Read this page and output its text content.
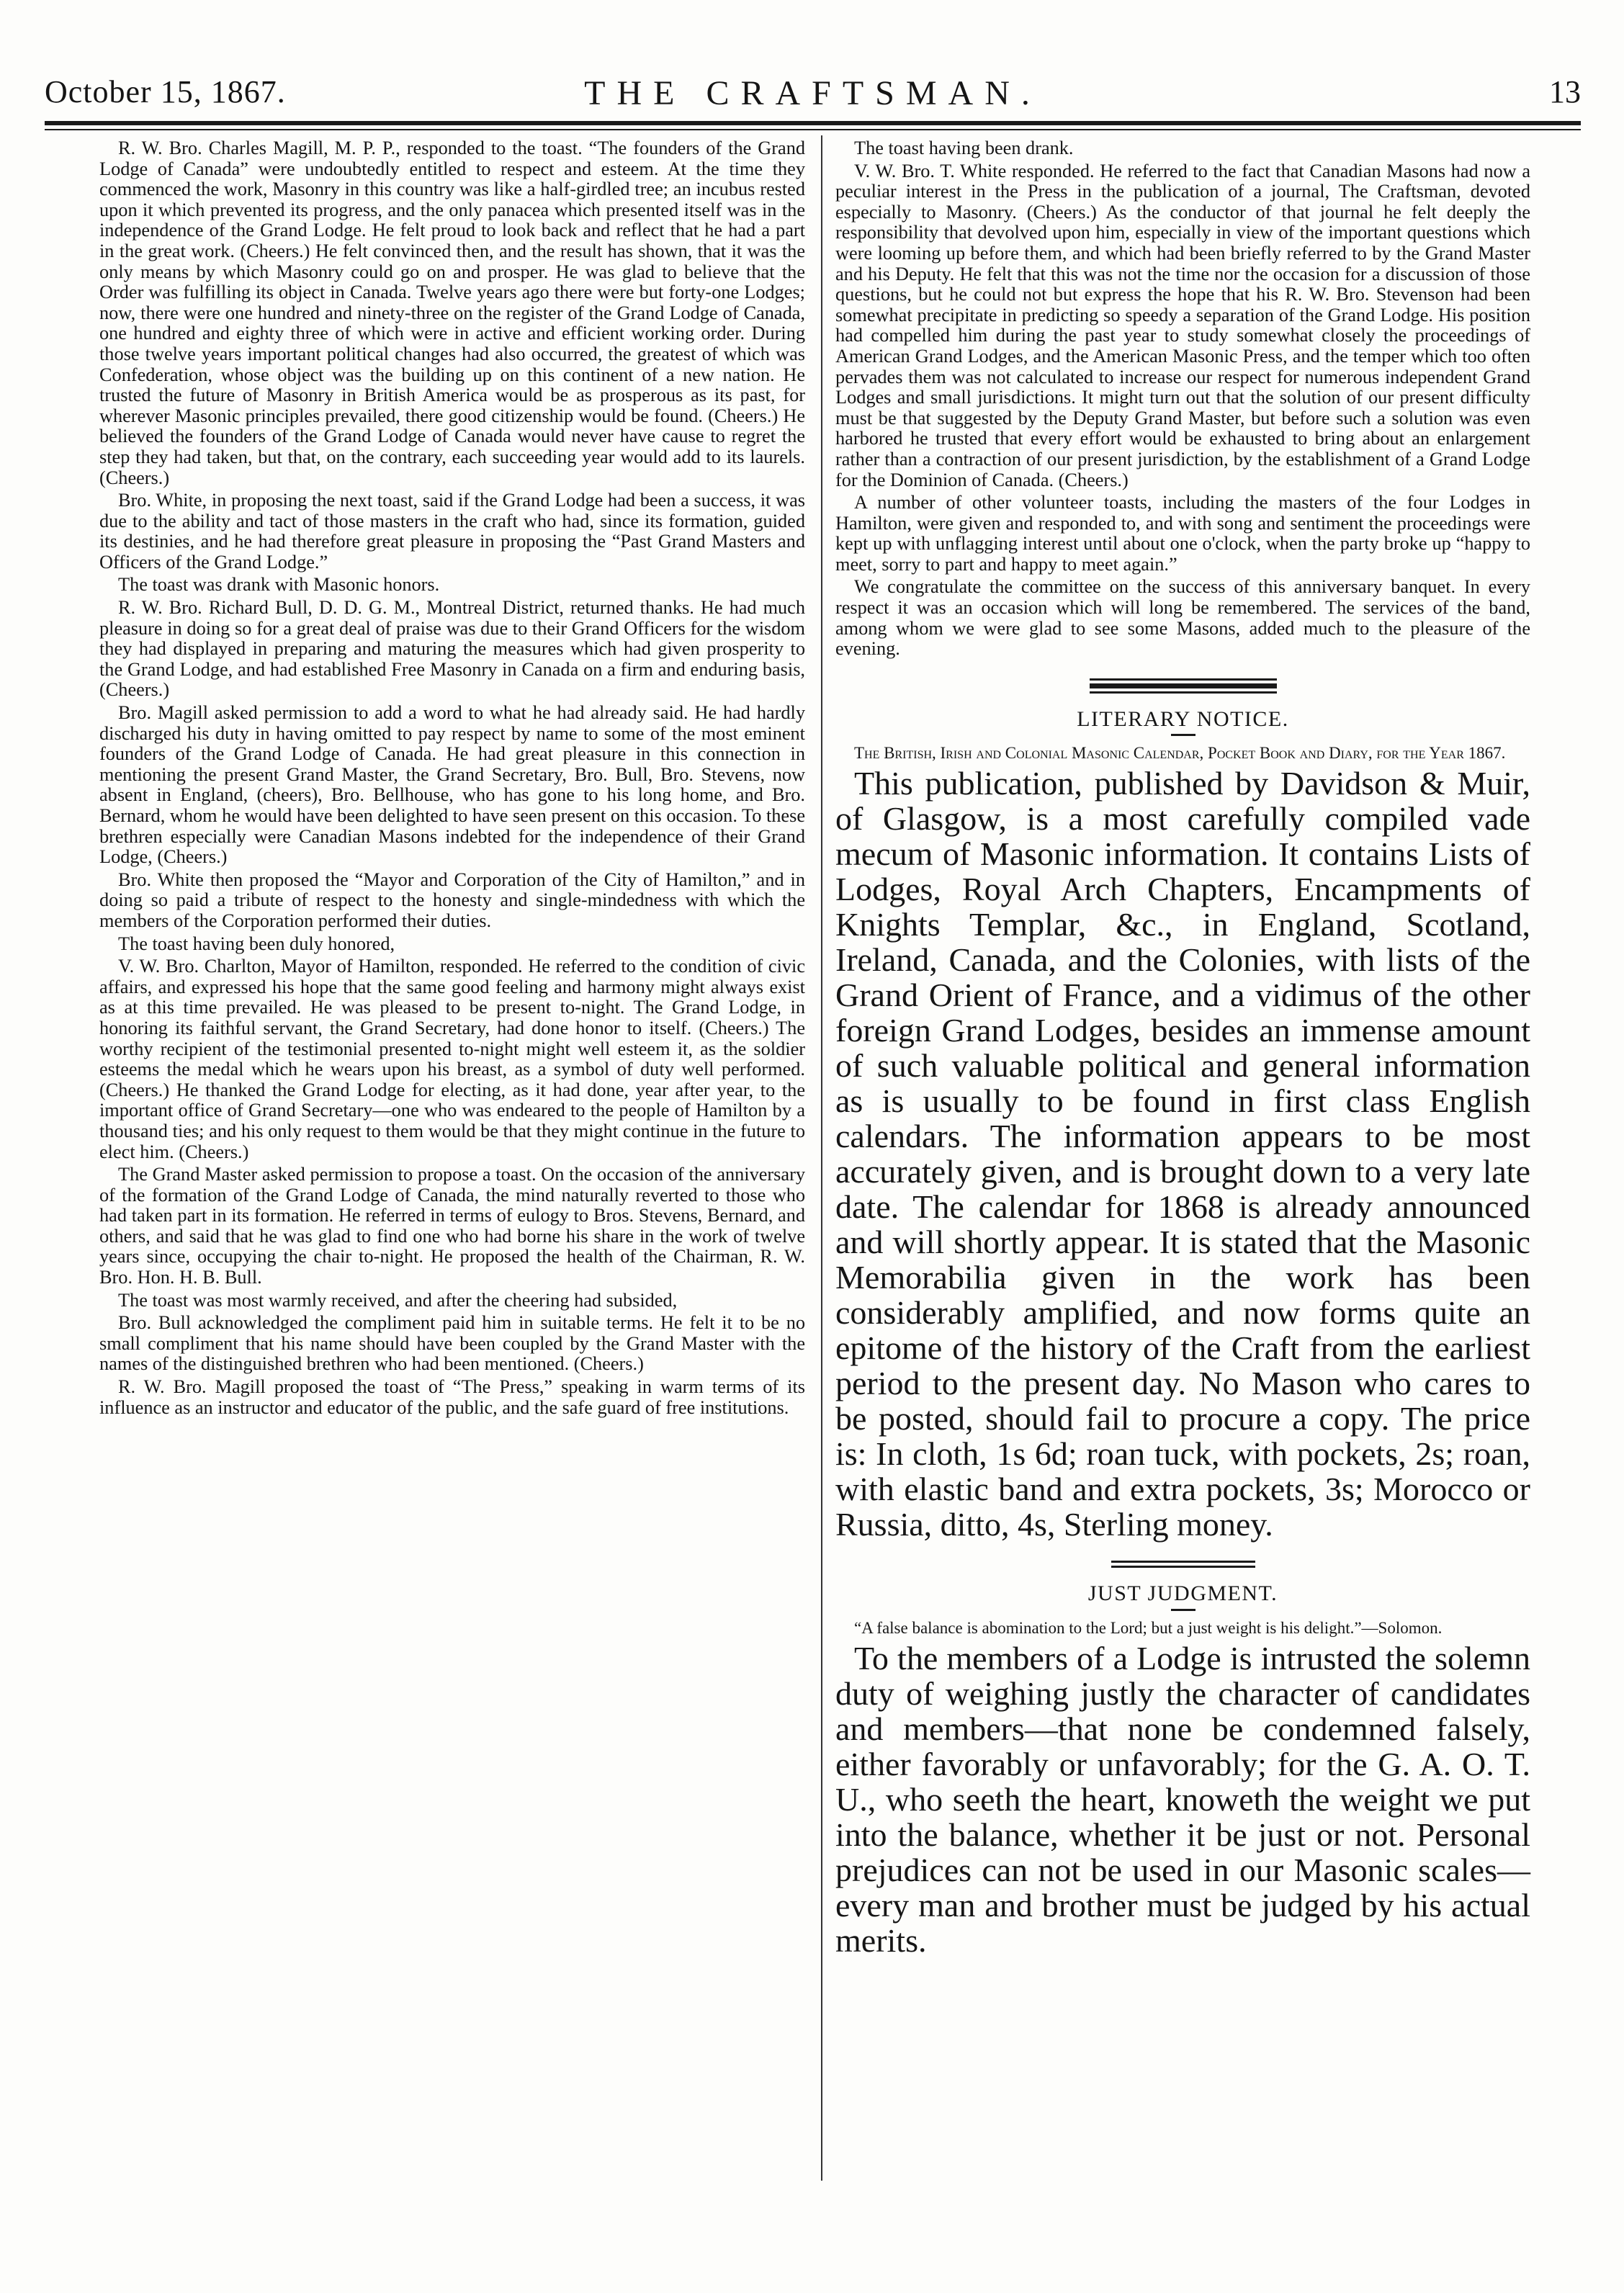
October 15, 1867.	THE CRAFTSMAN.	13

R. W. Bro. Charles Magill, M. P. P., responded to the toast. “The founders of the Grand Lodge of Canada” were undoubtedly entitled to respect and esteem. At the time they commenced the work, Masonry in this country was like a half-girdled tree; an incubus rested upon it which prevented its progress, and the only panacea which presented itself was in the independence of the Grand Lodge. He felt proud to look back and reflect that he had a part in the great work. (Cheers.) He felt convinced then, and the result has shown, that it was the only means by which Masonry could go on and prosper. He was glad to believe that the Order was fulfilling its object in Canada. Twelve years ago there were but forty-one Lodges; now, there were one hundred and ninety-three on the register of the Grand Lodge of Canada, one hundred and eighty three of which were in active and efficient working order. During those twelve years important political changes had also occurred, the greatest of which was Confederation, whose object was the building up on this continent of a new nation. He trusted the future of Masonry in British America would be as prosperous as its past, for wherever Masonic principles prevailed, there good citizenship would be found. (Cheers.) He believed the founders of the Grand Lodge of Canada would never have cause to regret the step they had taken, but that, on the contrary, each succeeding year would add to its laurels. (Cheers.)

Bro. White, in proposing the next toast, said if the Grand Lodge had been a success, it was due to the ability and tact of those masters in the craft who had, since its formation, guided its destinies, and he had therefore great pleasure in proposing the “Past Grand Masters and Officers of the Grand Lodge.”

The toast was drank with Masonic honors.

R. W. Bro. Richard Bull, D. D. G. M., Montreal District, returned thanks. He had much pleasure in doing so for a great deal of praise was due to their Grand Officers for the wisdom they had displayed in preparing and maturing the measures which had given prosperity to the Grand Lodge, and had established Free Masonry in Canada on a firm and enduring basis, (Cheers.)

Bro. Magill asked permission to add a word to what he had already said. He had hardly discharged his duty in having omitted to pay respect by name to some of the most eminent founders of the Grand Lodge of Canada. He had great pleasure in this connection in mentioning the present Grand Master, the Grand Secretary, Bro. Bull, Bro. Stevens, now absent in England, (cheers), Bro. Bellhouse, who has gone to his long home, and Bro. Bernard, whom he would have been delighted to have seen present on this occasion. To these brethren especially were Canadian Masons indebted for the independence of their Grand Lodge, (Cheers.)

Bro. White then proposed the “Mayor and Corporation of the City of Hamilton,” and in doing so paid a tribute of respect to the honesty and single-mindedness with which the members of the Corporation performed their duties.

The toast having been duly honored,

V. W. Bro. Charlton, Mayor of Hamilton, responded. He referred to the condition of civic affairs, and expressed his hope that the same good feeling and harmony might always exist as at this time prevailed. He was pleased to be present to-night. The Grand Lodge, in honoring its faithful servant, the Grand Secretary, had done honor to itself. (Cheers.) The worthy recipient of the testimonial presented to-night might well esteem it, as the soldier esteems the medal which he wears upon his breast, as a symbol of duty well performed. (Cheers.) He thanked the Grand Lodge for electing, as it had done, year after year, to the important office of Grand Secretary—one who was endeared to the people of Hamilton by a thousand ties; and his only request to them would be that they might continue in the future to elect him. (Cheers.)

The Grand Master asked permission to propose a toast. On the occasion of the anniversary of the formation of the Grand Lodge of Canada, the mind naturally reverted to those who had taken part in its formation. He referred in terms of eulogy to Bros. Stevens, Bernard, and others, and said that he was glad to find one who had borne his share in the work of twelve years since, occupying the chair to-night. He proposed the health of the Chairman, R. W. Bro. Hon. H. B. Bull.

The toast was most warmly received, and after the cheering had subsided,

Bro. Bull acknowledged the compliment paid him in suitable terms. He felt it to be no small compliment that his name should have been coupled by the Grand Master with the names of the distinguished brethren who had been mentioned. (Cheers.)

R. W. Bro. Magill proposed the toast of “The Press,” speaking in warm terms of its influence as an instructor and educator of the public, and the safe guard of free institutions.

The toast having been drank.

V. W. Bro. T. White responded. He referred to the fact that Canadian Masons had now a peculiar interest in the Press in the publication of a journal, The Craftsman, devoted especially to Masonry. (Cheers.) As the conductor of that journal he felt deeply the responsibility that devolved upon him, especially in view of the important questions which were looming up before them, and which had been briefly referred to by the Grand Master and his Deputy. He felt that this was not the time nor the occasion for a discussion of those questions, but he could not but express the hope that his R. W. Bro. Stevenson had been somewhat precipitate in predicting so speedy a separation of the Grand Lodge. His position had compelled him during the past year to study somewhat closely the proceedings of American Grand Lodges, and the American Masonic Press, and the temper which too often pervades them was not calculated to increase our respect for numerous independent Grand Lodges and small jurisdictions. It might turn out that the solution of our present difficulty must be that suggested by the Deputy Grand Master, but before such a solution was even harbored he trusted that every effort would be exhausted to bring about an enlargement rather than a contraction of our present jurisdiction, by the establishment of a Grand Lodge for the Dominion of Canada. (Cheers.)

A number of other volunteer toasts, including the masters of the four Lodges in Hamilton, were given and responded to, and with song and sentiment the proceedings were kept up with unflagging interest until about one o'clock, when the party broke up “happy to meet, sorry to part and happy to meet again.”

We congratulate the committee on the success of this anniversary banquet. In every respect it was an occasion which will long be remembered. The services of the band, among whom we were glad to see some Masons, added much to the pleasure of the evening.

LITERARY NOTICE.

The British, Irish and Colonial Masonic Calendar, Pocket Book and Diary, for the Year 1867.

This publication, published by Davidson & Muir, of Glasgow, is a most carefully compiled vade mecum of Masonic information. It contains Lists of Lodges, Royal Arch Chapters, Encampments of Knights Templar, &c., in England, Scotland, Ireland, Canada, and the Colonies, with lists of the Grand Orient of France, and a vidimus of the other foreign Grand Lodges, besides an immense amount of such valuable political and general information as is usually to be found in first class English calendars. The information appears to be most accurately given, and is brought down to a very late date. The calendar for 1868 is already announced and will shortly appear. It is stated that the Masonic Memorabilia given in the work has been considerably amplified, and now forms quite an epitome of the history of the Craft from the earliest period to the present day. No Mason who cares to be posted, should fail to procure a copy. The price is: In cloth, 1s 6d; roan tuck, with pockets, 2s; roan, with elastic band and extra pockets, 3s; Morocco or Russia, ditto, 4s, Sterling money.

JUST JUDGMENT.

“A false balance is abomination to the Lord; but a just weight is his delight.”—Solomon.

To the members of a Lodge is intrusted the solemn duty of weighing justly the character of candidates and members—that none be condemned falsely, either favorably or unfavorably; for the G. A. O. T. U., who seeth the heart, knoweth the weight we put into the balance, whether it be just or not. Personal prejudices can not be used in our Masonic scales—every man and brother must be judged by his actual merits.
